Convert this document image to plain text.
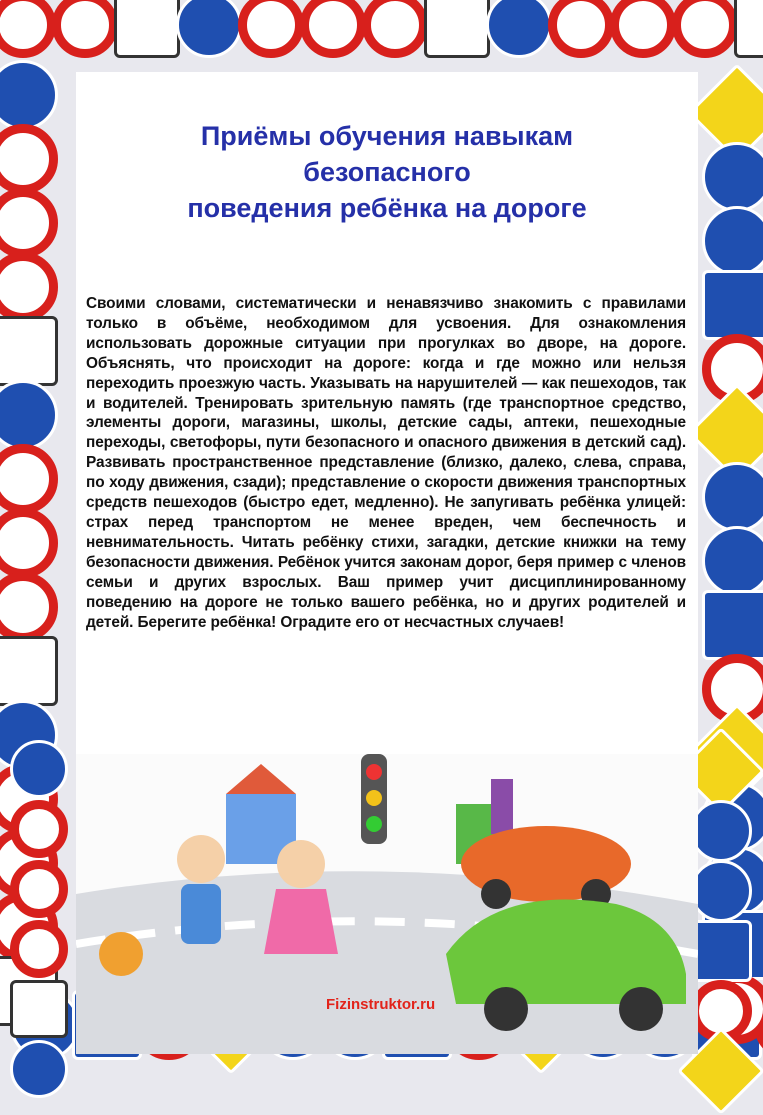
Приёмы обучения навыкам
безопасного
поведения ребёнка на дороге
Своими словами, систематически и ненавязчиво знакомить с правилами только в объёме, необходимом для усвоения. Для ознакомления использовать дорожные ситуации при прогулках во дворе, на дороге. Объяснять, что происходит на дороге: когда и где можно или нельзя переходить проезжую часть. Указывать на нарушителей — как пешеходов, так и водителей. Тренировать зрительную память (где транспортное средство, элементы дороги, магазины, школы, детские сады, аптеки, пешеходные переходы, светофоры, пути безопасного и опасного движения в детский сад). Развивать пространственное представление (близко, далеко, слева, справа, по ходу движения, сзади); представление о скорости движения транспортных средств пешеходов (быстро едет, медленно). Не запугивать ребёнка улицей: страх перед транспортом не менее вреден, чем беспечность и невнимательность. Читать ребёнку стихи, загадки, детские книжки на тему безопасности движения. Ребёнок учится законам дорог, беря пример с членов семьи и других взрослых. Ваш пример учит дисциплинированному поведению на дороге не только вашего ребёнка, но и других родителей и детей. Берегите ребёнка! Оградите его от несчастных случаев!
Fizinstruktor.ru
